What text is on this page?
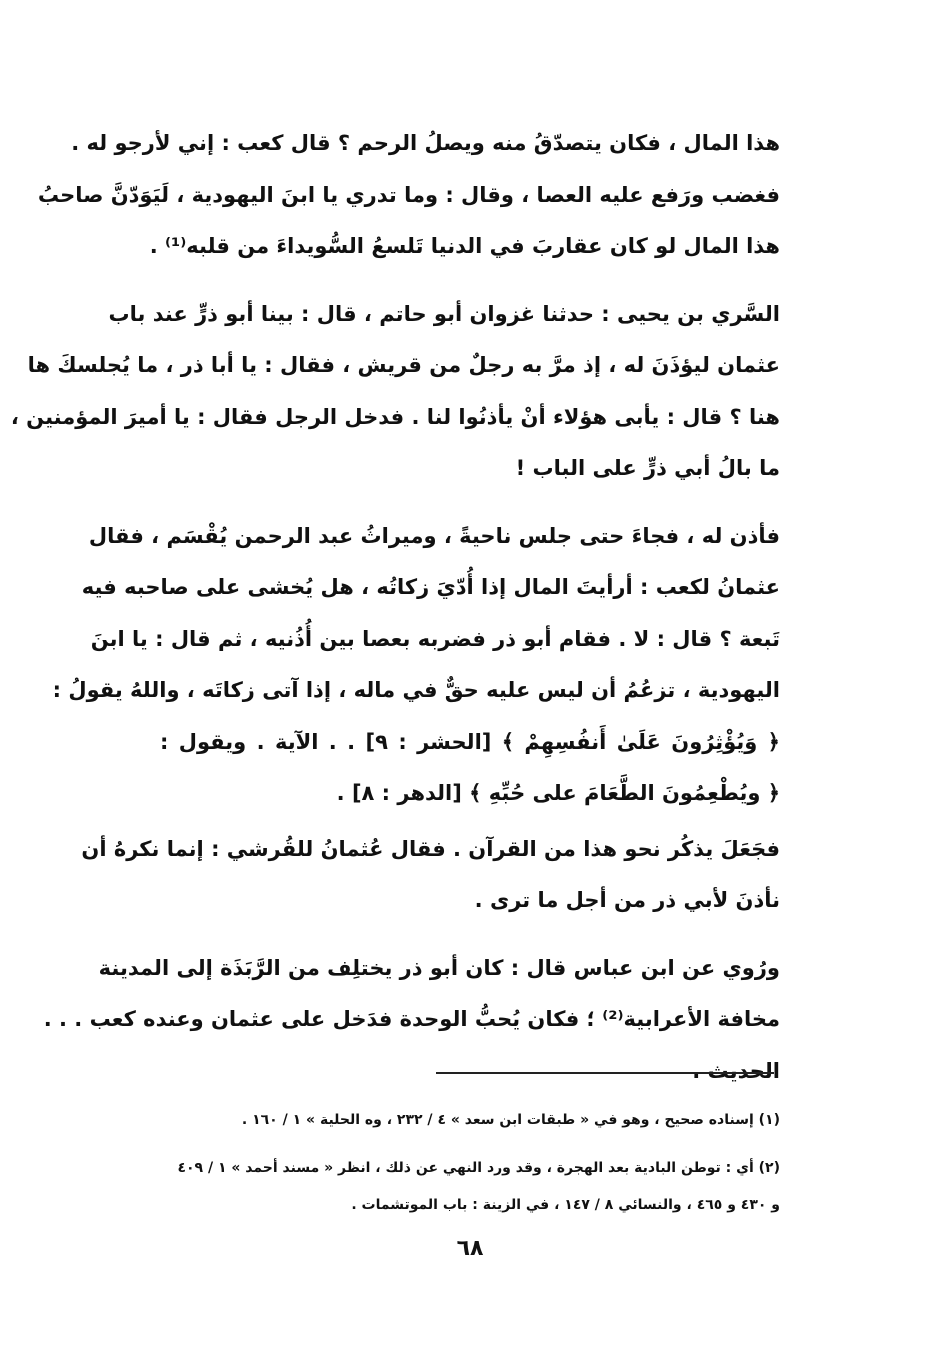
هذا المال ، فكان يتصدّقُ منه ويصلُ الرحم ؟ قال كعب : إني لأرجو له .
فغضب ورَفع عليه العصا ، وقال : وما تدري يا ابنَ اليهودية ، لَيَوَدّنَّ صاحبُ
هذا المال لو كان عقاربَ في الدنيا تَلسعُ السُّويداءَ من قلبه⁽¹⁾ .

السَّري بن يحيى : حدثنا غزوان أبو حاتم ، قال : بينا أبو ذرٍّ عند باب
عثمان ليؤذَنَ له ، إذ مرَّ به رجلٌ من قريش ، فقال : يا أبا ذر ، ما يُجلسكَ ها
هنا ؟ قال : يأبى هؤلاء أنْ يأذنُوا لنا . فدخل الرجل فقال : يا أميرَ المؤمنين ،
ما بالُ أبي ذرٍّ على الباب !

فأذن له ، فجاءَ حتى جلس ناحيةً ، وميراثُ عبد الرحمن يُقْسَم ، فقال
عثمانُ لكعب : أرأيتَ المال إذا أُدّيَ زكاتُه ، هل يُخشى على صاحبه فيه
تَبعة ؟ قال : لا . فقام أبو ذر فضربه بعصا بين أُذُنيه ، ثم قال : يا ابنَ
اليهودية ، تزعُمُ أن ليس عليه حقٌّ في ماله ، إذا آتى زكاتَه ، واللهُ يقولُ :
﴿ وَيُؤْثِرُونَ عَلَىٰ أَنفُسِهِمْ ﴾ [الحشر : ٩] . . الآية . ويقول :
﴿ ويُطْعِمُونَ الطَّعَامَ على حُبِّهِ ﴾ [الدهر : ٨] .

فجَعَلَ يذكُر نحو هذا من القرآن . فقال عُثمانُ للقُرشي : إنما نكرهُ أن
نأذنَ لأبي ذر من أجل ما ترى .

ورُوي عن ابن عباس قال : كان أبو ذر يختلِف من الرَّبَذَة إلى المدينة
مخافة الأعرابية⁽²⁾ ؛ فكان يُحبُّ الوحدة فدَخل على عثمان وعنده كعب . . .
الحديث .

(١) إسناده صحيح ، وهو في « طبقات ابن سعد » ٤ / ٢٣٢ ، وه الحلية » ١ / ١٦٠ .

(٢) أي : توطن البادية بعد الهجرة ، وقد ورد النهي عن ذلك ، انظر « مسند أحمد » ١ / ٤٠٩
و ٤٣٠ و ٤٦٥ ، والنسائي ٨ / ١٤٧ ، في الزينة : باب الموتشمات .

٦٨
